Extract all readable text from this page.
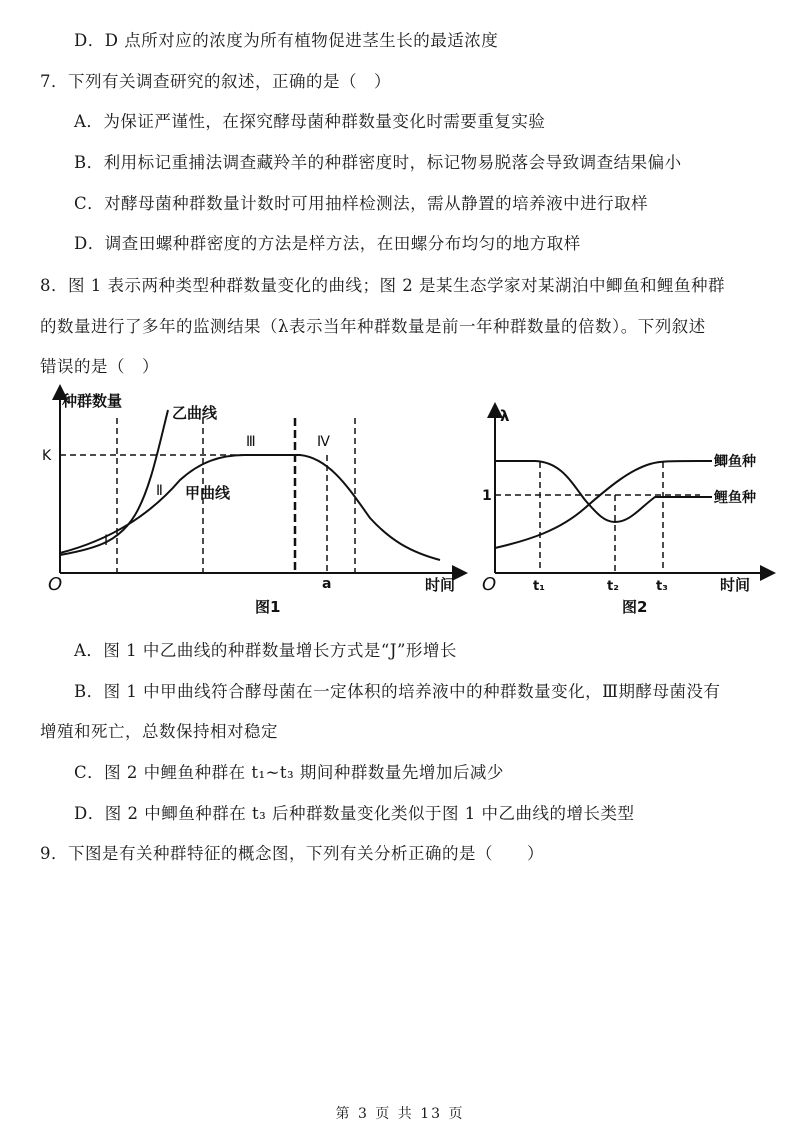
D．D 点所对应的浓度为所有植物促进茎生长的最适浓度
7．下列有关调查研究的叙述，正确的是（　）
A．为保证严谨性，在探究酵母菌种群数量变化时需要重复实验
B．利用标记重捕法调查藏羚羊的种群密度时，标记物易脱落会导致调查结果偏小
C．对酵母菌种群数量计数时可用抽样检测法，需从静置的培养液中进行取样
D．调查田螺种群密度的方法是样方法，在田螺分布均匀的地方取样
8．图 1 表示两种类型种群数量变化的曲线；图 2 是某生态学家对某湖泊中鲫鱼和鲤鱼种群
的数量进行了多年的监测结果（λ表示当年种群数量是前一年种群数量的倍数）。下列叙述
错误的是（　）
种群数量
K
O	时间
乙曲线
甲曲线
Ⅰ
Ⅱ
Ⅲ	Ⅳ
a
图1
λ
1
O	时间
t₁	t₂	t₃
鲫鱼种
鲤鱼种
图2
A．图 1 中乙曲线的种群数量增长方式是“J”形增长
B．图 1 中甲曲线符合酵母菌在一定体积的培养液中的种群数量变化，Ⅲ期酵母菌没有
增殖和死亡，总数保持相对稳定
C．图 2 中鲤鱼种群在 t₁~t₃ 期间种群数量先增加后减少
D．图 2 中鲫鱼种群在 t₃ 后种群数量变化类似于图 1 中乙曲线的增长类型
9．下图是有关种群特征的概念图，下列有关分析正确的是（　　）
第 3 页 共 13 页
